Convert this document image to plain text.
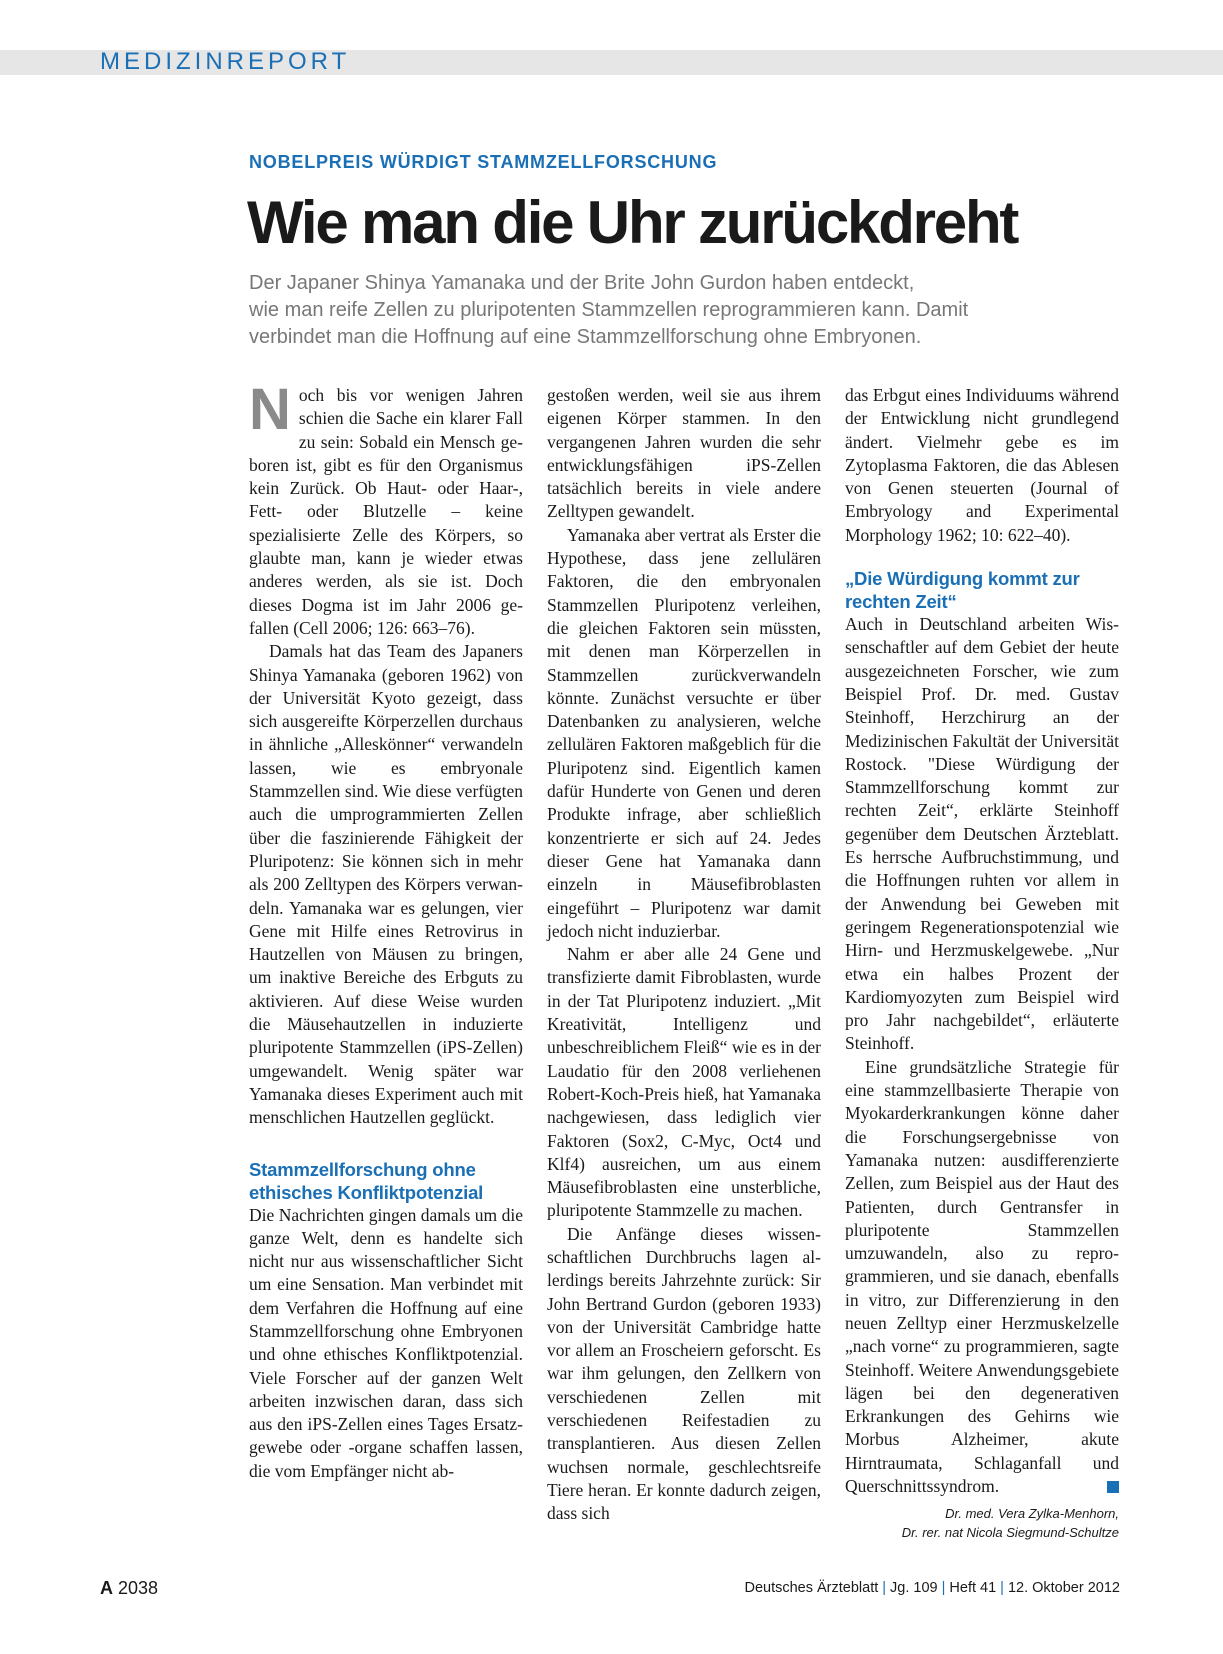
MEDIZINREPORT
NOBELPREIS WÜRDIGT STAMMZELLFORSCHUNG
Wie man die Uhr zurückdreht
Der Japaner Shinya Yamanaka und der Brite John Gurdon haben entdeckt,
wie man reife Zellen zu pluripotenten Stammzellen reprogrammieren kann. Damit
verbindet man die Hoffnung auf eine Stammzellforschung ohne Embryonen.

Noch bis vor wenigen Jahren schien die Sache ein klarer Fall zu sein: Sobald ein Mensch geboren ist, gibt es für den Organismus kein Zurück. Ob Haut- oder Haar-, Fett- oder Blutzelle – keine spezialisierte Zelle des Körpers, so glaubte man, kann je wieder etwas anderes werden, als sie ist. Doch dieses Dogma ist im Jahr 2006 gefallen (Cell 2006; 126: 663–76).

Damals hat das Team des Japaners Shinya Yamanaka (geboren 1962) von der Universität Kyoto gezeigt, dass sich ausgereifte Körperzellen durchaus in ähnliche „Alleskönner“ verwandeln lassen, wie es embryonale Stammzellen sind. Wie diese verfügten auch die umprogrammierten Zellen über die faszinierende Fähigkeit der Pluripotenz: Sie können sich in mehr als 200 Zelltypen des Körpers verwandeln. Yamanaka war es gelungen, vier Gene mit Hilfe eines Retrovirus in Hautzellen von Mäusen zu bringen, um inaktive Bereiche des Erbguts zu aktivieren. Auf diese Weise wurden die Mäusehautzellen in induzierte pluripotente Stammzellen (iPS-Zellen) umgewandelt. Wenig später war Yamanaka dieses Experiment auch mit menschlichen Hautzellen geglückt.

Stammzellforschung ohne ethisches Konfliktpotenzial

Die Nachrichten gingen damals um die ganze Welt, denn es handelte sich nicht nur aus wissenschaftlicher Sicht um eine Sensation. Man verbindet mit dem Verfahren die Hoffnung auf eine Stammzellforschung ohne Embryonen und ohne ethisches Konfliktpotenzial. Viele Forscher auf der ganzen Welt arbeiten inzwischen daran, dass sich aus den iPS-Zellen eines Tages Ersatzgewebe oder -organe schaffen lassen, die vom Empfänger nicht ab-

gestoßen werden, weil sie aus ihrem eigenen Körper stammen. In den vergangenen Jahren wurden die sehr entwicklungsfähigen iPS-Zellen tatsächlich bereits in viele andere Zelltypen gewandelt.

Yamanaka aber vertrat als Erster die Hypothese, dass jene zellulären Faktoren, die den embryonalen Stammzellen Pluripotenz verleihen, die gleichen Faktoren sein müssten, mit denen man Körperzellen in Stammzellen zurückverwandeln könnte. Zunächst versuchte er über Datenbanken zu analysieren, welche zellulären Faktoren maßgeblich für die Pluripotenz sind. Eigentlich kamen dafür Hunderte von Genen und deren Produkte infrage, aber schließlich konzentrierte er sich auf 24. Jedes dieser Gene hat Yamanaka dann einzeln in Mäusefibroblasten eingeführt – Pluripotenz war damit jedoch nicht induzierbar.

Nahm er aber alle 24 Gene und transfizierte damit Fibroblasten, wurde in der Tat Pluripotenz induziert. „Mit Kreativität, Intelligenz und unbeschreiblichem Fleiß“ wie es in der Laudatio für den 2008 verliehenen Robert-Koch-Preis hieß, hat Yamanaka nachgewiesen, dass lediglich vier Faktoren (Sox2, C-Myc, Oct4 und Klf4) ausreichen, um aus einem Mäusefibroblasten eine unsterbliche, pluripotente Stammzelle zu machen.

Die Anfänge dieses wissenschaftlichen Durchbruchs lagen allerdings bereits Jahrzehnte zurück: Sir John Bertrand Gurdon (geboren 1933) von der Universität Cambridge hatte vor allem an Froscheiern geforscht. Es war ihm gelungen, den Zellkern von verschiedenen Zellen mit verschiedenen Reifestadien zu transplantieren. Aus diesen Zellen wuchsen normale, geschlechtsreife Tiere heran. Er konnte dadurch zeigen, dass sich

das Erbgut eines Individuums während der Entwicklung nicht grundlegend ändert. Vielmehr gebe es im Zytoplasma Faktoren, die das Ablesen von Genen steuerten (Journal of Embryology and Experimental Morphology 1962; 10: 622–40).

„Die Würdigung kommt zur rechten Zeit“

Auch in Deutschland arbeiten Wissenschaftler auf dem Gebiet der heute ausgezeichneten Forscher, wie zum Beispiel Prof. Dr. med. Gustav Steinhoff, Herzchirurg an der Medizinischen Fakultät der Universität Rostock. "Diese Würdigung der Stammzellforschung kommt zur rechten Zeit“, erklärte Steinhoff gegenüber dem Deutschen Ärzteblatt. Es herrsche Aufbruchstimmung, und die Hoffnungen ruhten vor allem in der Anwendung bei Geweben mit geringem Regenerationspotenzial wie Hirn- und Herzmuskelgewebe. „Nur etwa ein halbes Prozent der Kardiomyozyten zum Beispiel wird pro Jahr nachgebildet“, erläuterte Steinhoff.

Eine grundsätzliche Strategie für eine stammzellbasierte Therapie von Myokarderkrankungen könne daher die Forschungsergebnisse von Yamanaka nutzen: ausdifferenzierte Zellen, zum Beispiel aus der Haut des Patienten, durch Gentransfer in pluripotente Stammzellen umzuwandeln, also zu reprogrammieren, und sie danach, ebenfalls in vitro, zur Differenzierung in den neuen Zelltyp einer Herzmuskelzelle „nach vorne“ zu programmieren, sagte Steinhoff. Weitere Anwendungsgebiete lägen bei den degenerativen Erkrankungen des Gehirns wie Morbus Alzheimer, akute Hirntraumata, Schlaganfall und Querschnittssyndrom.

Dr. med. Vera Zylka-Menhorn,
Dr. rer. nat Nicola Siegmund-Schultze
A 2038	Deutsches Ärzteblatt | Jg. 109 | Heft 41 | 12. Oktober 2012
